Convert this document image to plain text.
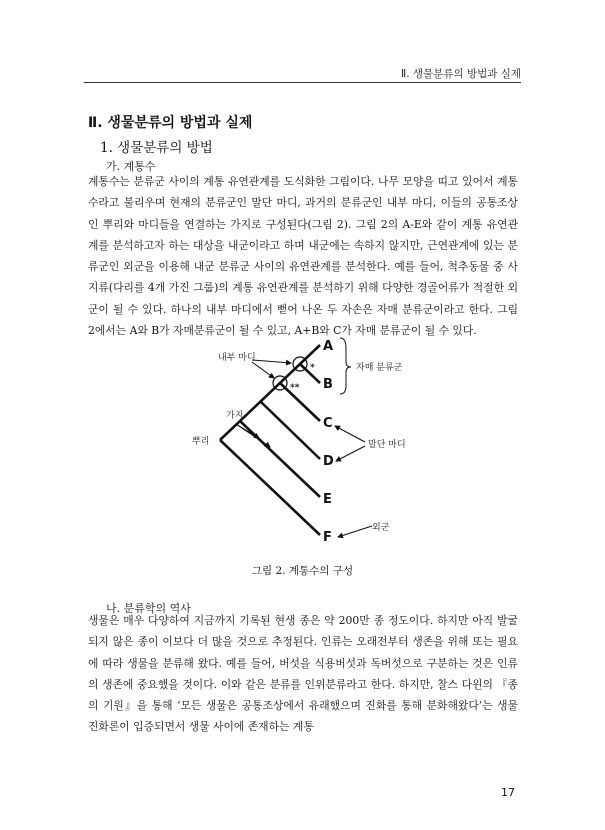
Ⅱ. 생물분류의 방법과 실제
Ⅱ. 생물분류의 방법과 실제
1. 생물분류의 방법
가. 계통수

계통수는 분류군 사이의 계통 유연관계를 도식화한 그림이다. 나무 모양을 띠고 있어서 계통수라고 불리우며 현재의 분류군인 말단 마디, 과거의 분류군인 내부 마디, 이들의 공통조상인 뿌리와 마디들을 연결하는 가지로 구성된다(그림 2). 그림 2의 A-E와 같이 계통 유연관계를 분석하고자 하는 대상을 내군이라고 하며 내군에는 속하지 않지만, 근연관계에 있는 분류군인 외군을 이용해 내군 분류군 사이의 유연관계를 분석한다. 예를 들어, 척추동물 중 사지류(다리를 4개 가진 그룹)의 계통 유연관계를 분석하기 위해 다양한 경골어류가 적절한 외군이 될 수 있다. 하나의 내부 마디에서 뻗어 나온 두 자손은 자매 분류군이라고 한다. 그림 2에서는 A와 B가 자매분류군이 될 수 있고, A+B와 C가 자매 분류군이 될 수 있다.

*
**
A
B
C
D
E
F
자매 분류군
내부 마디
가지
뿌리	말단 마디
외군
그림 2. 계통수의 구성
나. 분류학의 역사

생물은 매우 다양하여 지금까지 기록된 현생 종은 약 200만 종 정도이다. 하지만 아직 발굴되지 않은 종이 이보다 더 많을 것으로 추정된다. 인류는 오래전부터 생존을 위해 또는 필요에 따라 생물을 분류해 왔다. 예를 들어, 버섯을 식용버섯과 독버섯으로 구분하는 것은 인류의 생존에 중요했을 것이다. 이와 같은 분류를 인위분류라고 한다. 하지만, 찰스 다윈의 『종의 기원』을 통해 ‘모든 생물은 공통조상에서 유래했으며 진화를 통해 분화해왔다’는 생물 진화론이 입증되면서 생물 사이에 존재하는 계통

17
